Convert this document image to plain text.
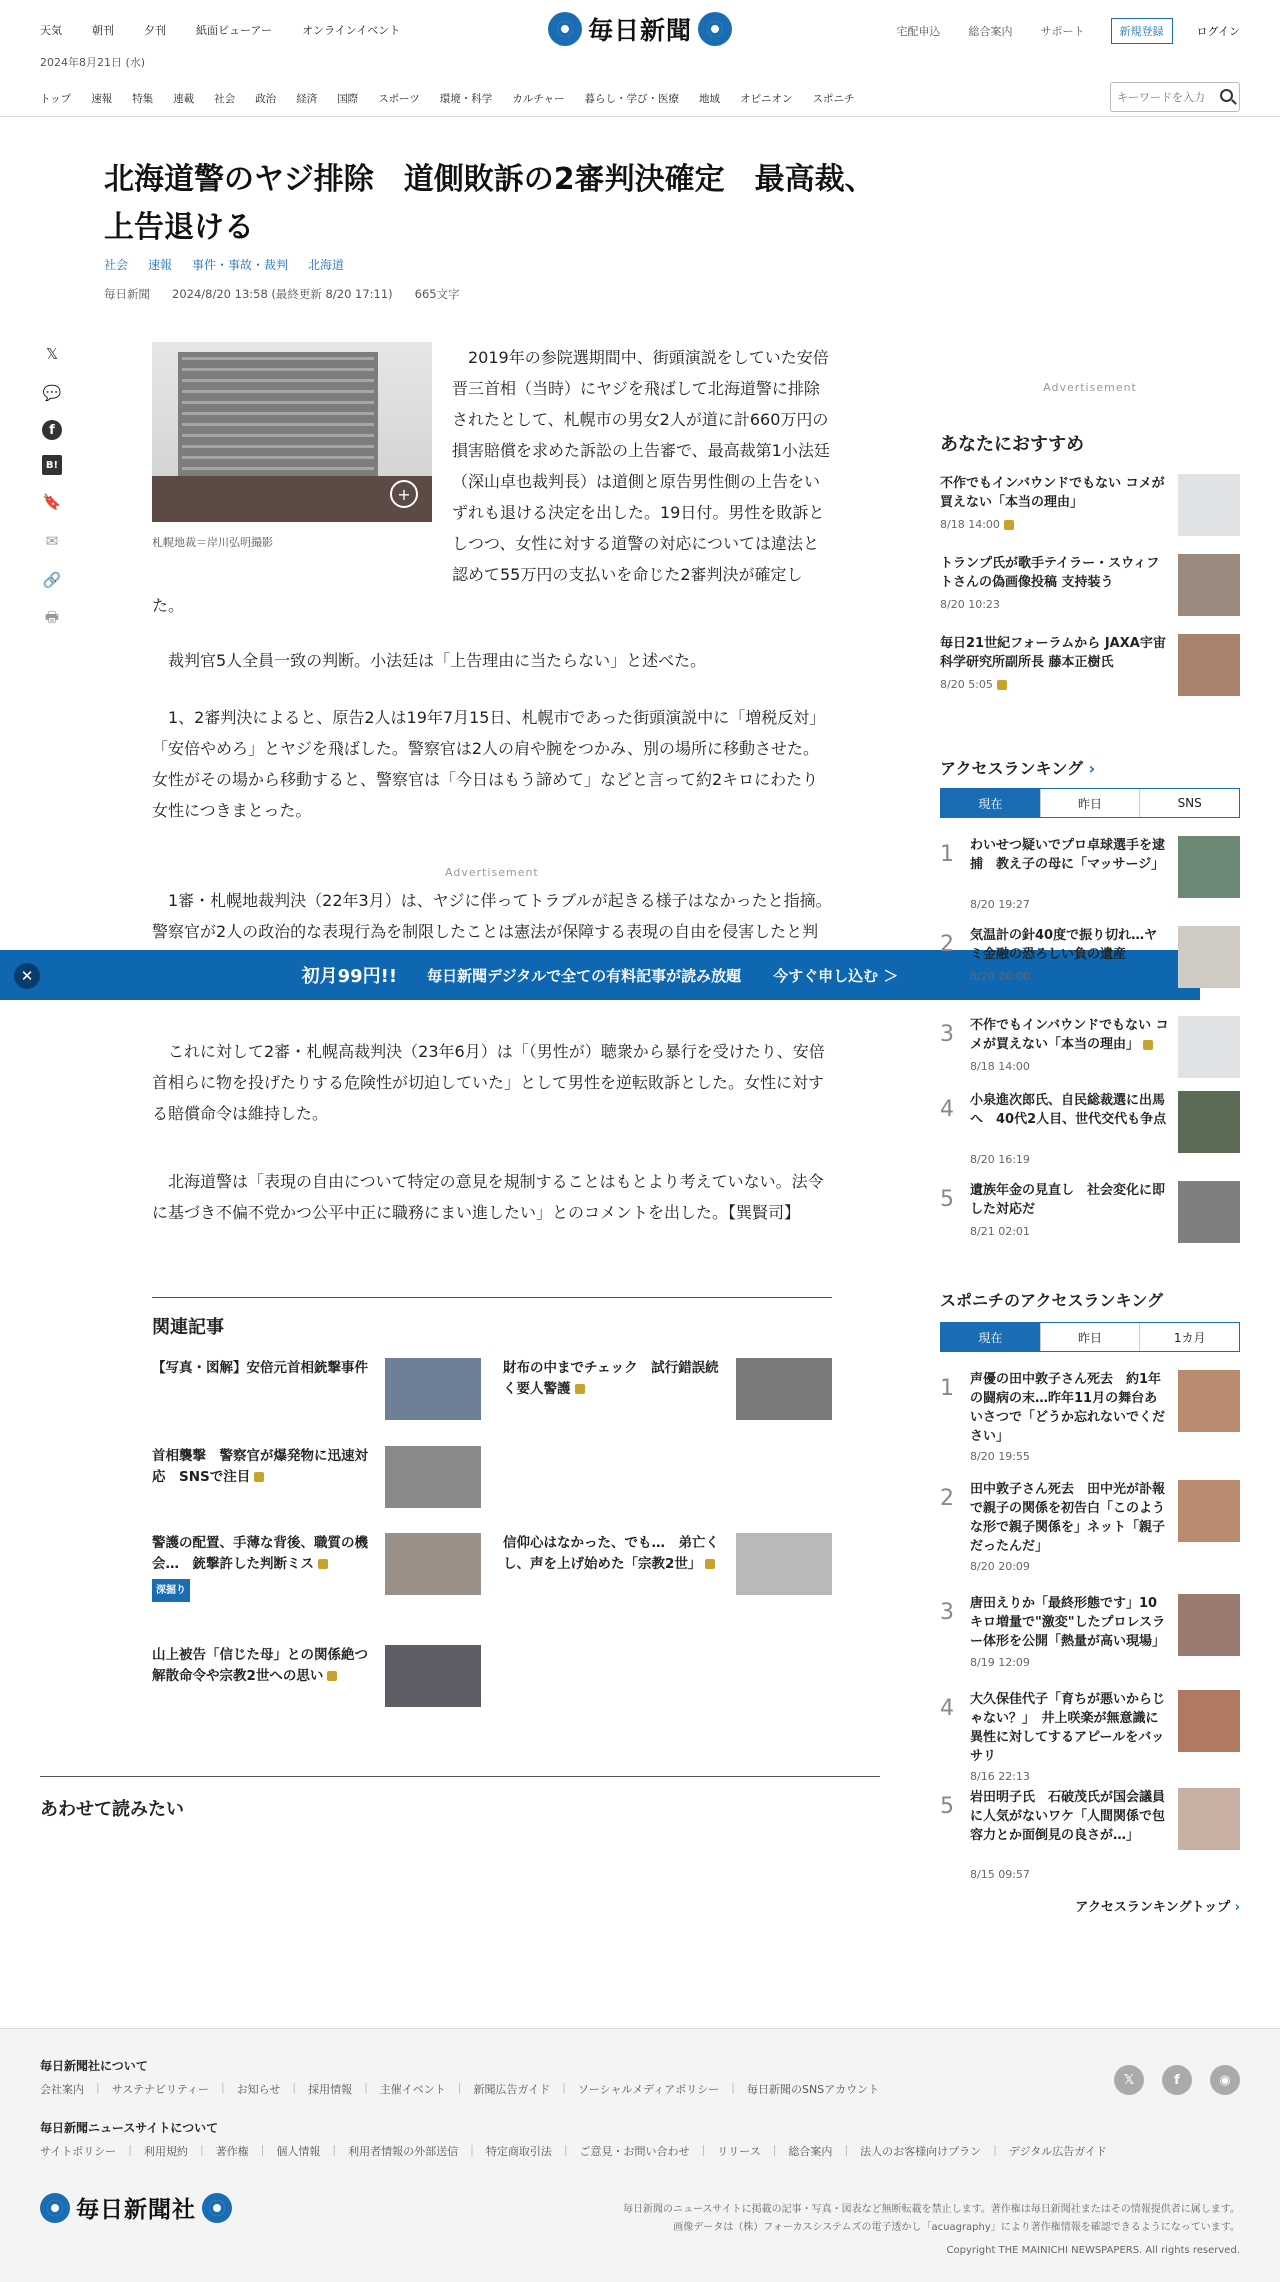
天気	朝刊	夕刊	紙面ビューアー	オンラインイベント	毎日新聞	宅配申込	総合案内	サポート	新規登録	ログイン
2024年8月21日 (水)
トップ 速報 特集 連載 社会 政治 経済 国際 スポーツ 環境・科学 カルチャー 暮らし・学び・医療 地域 オピニオン スポニチ
キーワードを入力
北海道警のヤジ排除　道側敗訴の2審判決確定　最高裁、上告退ける
社会 速報 事件・事故・裁判 北海道
毎日新聞 2024/8/20 13:58 (最終更新 8/20 17:11) 665文字
𝕏
💬
f
B!
🔖
✉
🔗
🖶
+
札幌地裁＝岸川弘明撮影
　2019年の参院選期間中、街頭演説をしていた安倍晋三首相（当時）にヤジを飛ばして北海道警に排除されたとして、札幌市の男女2人が道に計660万円の損害賠償を求めた訴訟の上告審で、最高裁第1小法廷（深山卓也裁判長）は道側と原告男性側の上告をいずれも退ける決定を出した。19日付。男性を敗訴としつつ、女性に対する道警の対応については違法と認めて55万円の支払いを命じた2審判決が確定した。
　裁判官5人全員一致の判断。小法廷は「上告理由に当たらない」と述べた。
　1、2審判決によると、原告2人は19年7月15日、札幌市であった街頭演説中に「増税反対」「安倍やめろ」とヤジを飛ばした。警察官は2人の肩や腕をつかみ、別の場所に移動させた。女性がその場から移動すると、警察官は「今日はもう諦めて」などと言って約2キロにわたり女性につきまとった。
Advertisement
　1審・札幌地裁判決（22年3月）は、ヤジに伴ってトラブルが起きる様子はなかったと指摘。警察官が2人の政治的な表現行為を制限したことは憲法が保障する表現の自由を侵害したと判
　これに対して2審・札幌高裁判決（23年6月）は「（男性が）聴衆から暴行を受けたり、安倍首相らに物を投げたりする危険性が切迫していた」として男性を逆転敗訴とした。女性に対する賠償命令は維持した。
　北海道警は「表現の自由について特定の意見を規制することはもとより考えていない。法令に基づき不偏不党かつ公平中正に職務にまい進したい」とのコメントを出した。【巽賢司】
✕	初月99円!! 毎日新聞デジタルで全ての有料記事が読み放題 今すぐ申し込む ＞
関連記事
【写真・図解】安倍元首相銃撃事件	財布の中までチェック　試行錯誤続く要人警護
首相襲撃　警察官が爆発物に迅速対応　SNSで注目
警護の配置、手薄な背後、職質の機会…　銃撃許した判断ミス
深掘り
信仰心はなかった、でも…　弟亡くし、声を上げ始めた「宗教2世」
山上被告「信じた母」との関係絶つ　解散命令や宗教2世への思い
あわせて読みたい
Advertisement
あなたにおすすめ
不作でもインバウンドでもない コメが買えない「本当の理由」
8/18 14:00
トランプ氏が歌手テイラー・スウィフトさんの偽画像投稿 支持装う
8/20 10:23
毎日21世紀フォーラムから JAXA宇宙科学研究所副所長 藤本正樹氏
8/20 5:05
アクセスランキング ›
現在	昨日	SNS
1 わいせつ疑いでプロ卓球選手を逮捕　教え子の母に「マッサージ」
8/20 19:27
2 気温計の針40度で振り切れ…ヤミ金融の恐ろしい負の遺産
8/20 20:00
3 不作でもインバウンドでもない コメが買えない「本当の理由」
8/18 14:00
4 小泉進次郎氏、自民総裁選に出馬へ　40代2人目、世代交代も争点
8/20 16:19
5 遺族年金の見直し　社会変化に即した対応だ
8/21 02:01
スポニチのアクセスランキング
現在	昨日	1カ月
1 声優の田中敦子さん死去　約1年の闘病の末…昨年11月の舞台あいさつで「どうか忘れないでください」
8/20 19:55
2 田中敦子さん死去　田中光が訃報で親子の関係を初告白「このような形で親子関係を」ネット「親子だったんだ」
8/20 20:09
3 唐田えりか「最終形態です」10キロ増量で"激変"したプロレスラー体形を公開「熱量が高い現場」
8/19 12:09
4 大久保佳代子「育ちが悪いからじゃない？」　井上咲楽が無意識に異性に対してするアピールをバッサリ
8/16 22:13
5 岩田明子氏　石破茂氏が国会議員に人気がないワケ「人間関係で包容力とか面倒見の良さが…」
8/15 09:57
アクセスランキングトップ ›
毎日新聞社について
会社案内 | サステナビリティー | お知らせ | 採用情報 | 主催イベント | 新聞広告ガイド | ソーシャルメディアポリシー | 毎日新聞のSNSアカウント
𝕏	f	◉
毎日新聞ニュースサイトについて
サイトポリシー | 利用規約 | 著作権 | 個人情報 | 利用者情報の外部送信 | 特定商取引法 | ご意見・お問い合わせ | リリース | 総合案内 | 法人のお客様向けプラン | デジタル広告ガイド
毎日新聞社	毎日新聞のニュースサイトに掲載の記事・写真・図表など無断転載を禁止します。著作権は毎日新聞社またはその情報提供者に属します。
画像データは（株）フォーカスシステムズの電子透かし「acuagraphy」により著作権情報を確認できるようになっています。
Copyright THE MAINICHI NEWSPAPERS. All rights reserved.
